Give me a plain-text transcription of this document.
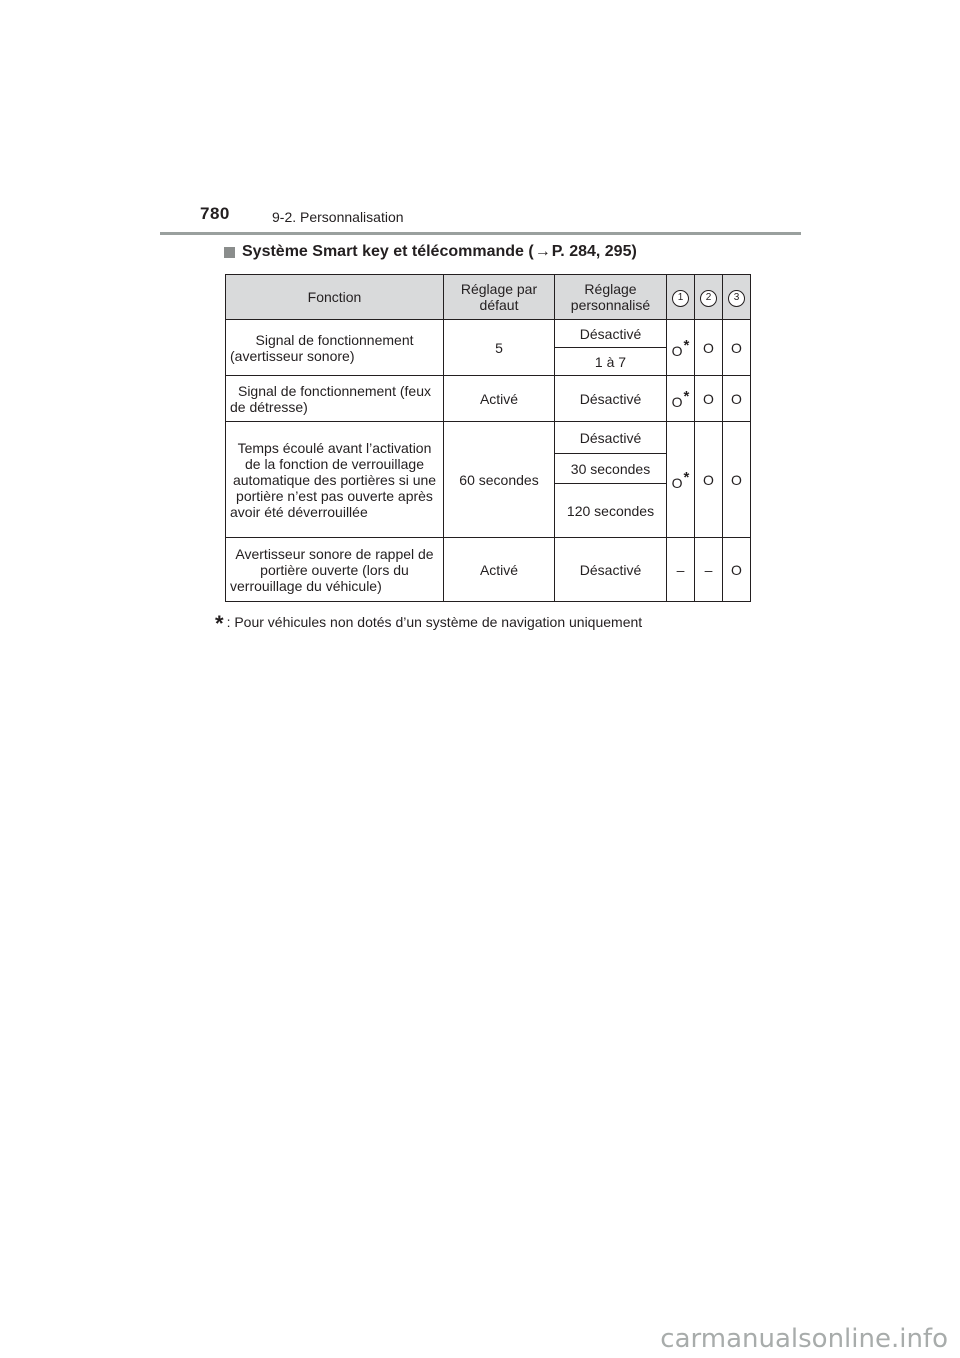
780	9-2. Personnalisation
Système Smart key et télécommande ( → P. 284, 295)
Fonction	Réglage par défaut	Réglage personnalisé	1	2	3
Signal de fonctionnement (avertisseur sonore)	5	Désactivé	O*	O	O
		1 à 7			
Signal de fonctionnement (feux de détresse)	Activé	Désactivé	O*	O	O
Temps écoulé avant l’activation de la fonction de verrouillage automatique des portières si une portière n’est pas ouverte après avoir été déverrouillée	60 secondes	Désactivé	O*	O	O
		30 secondes			
		120 secondes			
Avertisseur sonore de rappel de portière ouverte (lors du verrouillage du véhicule)	Activé	Désactivé	–	–	O
* : Pour véhicules non dotés d’un système de navigation uniquement
carmanualsonline.info
